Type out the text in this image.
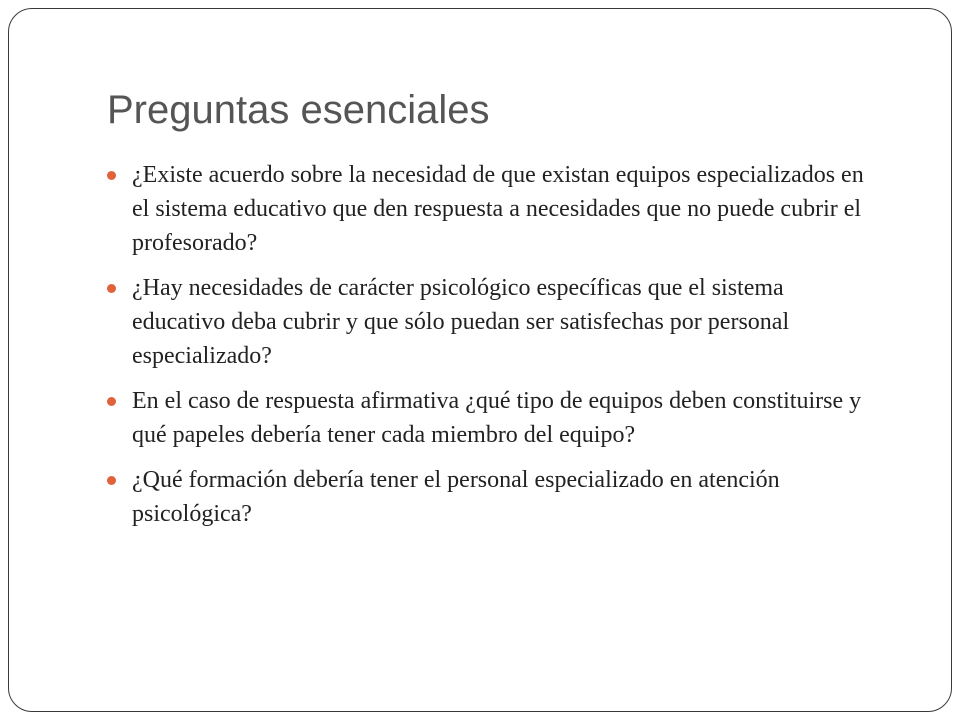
Preguntas esenciales
¿Existe acuerdo sobre la necesidad de que existan equipos especializados en el sistema educativo que den respuesta a necesidades que no puede cubrir el profesorado?
¿Hay necesidades de carácter psicológico específicas que el sistema educativo deba cubrir y que sólo puedan ser satisfechas por personal especializado?
En el caso de respuesta afirmativa ¿qué tipo de equipos deben constituirse y qué papeles debería tener cada miembro del equipo?
¿Qué formación debería tener el personal especializado en atención psicológica?
